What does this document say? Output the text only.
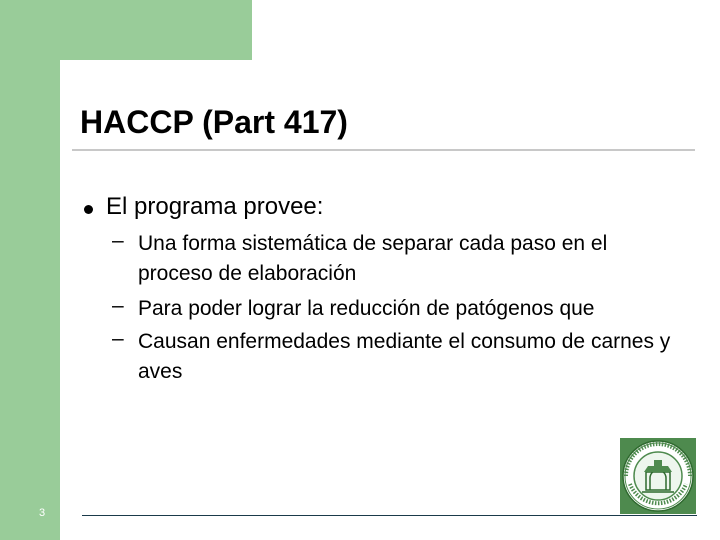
HACCP (Part 417)
El programa provee:
– Una forma sistemática de separar cada paso en el proceso de elaboración
– Para poder lograr la reducción de patógenos que
– Causan enfermedades mediante el consumo de carnes y aves
3
